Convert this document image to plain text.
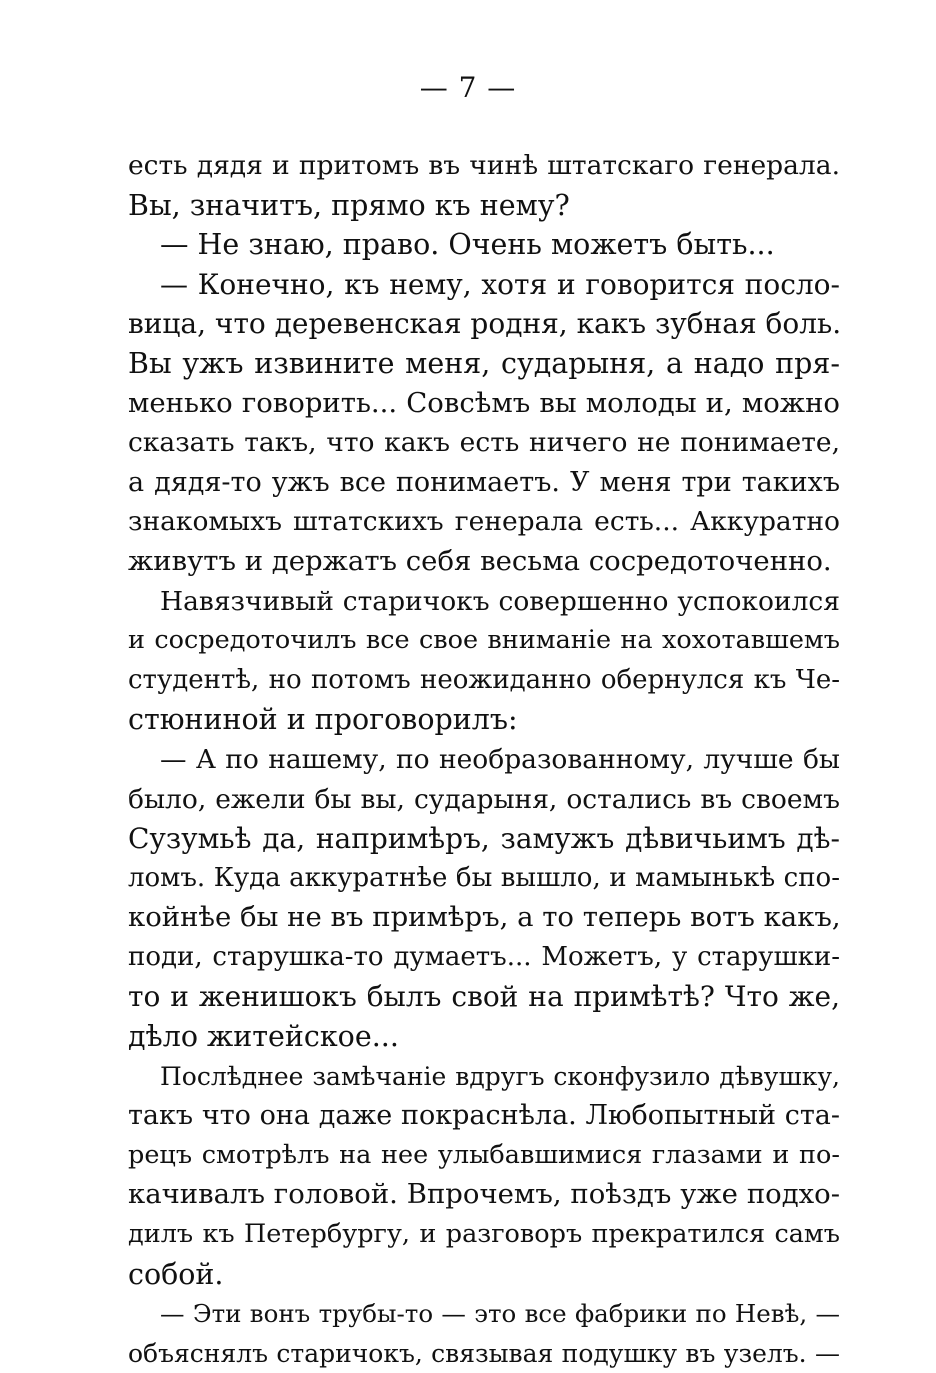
— 7 —
есть дядя и притомъ въ чинѣ штатскаго генерала.
Вы, значитъ, прямо къ нему?
— Не знаю, право. Очень можетъ быть...
— Конечно, къ нему, хотя и говорится посло-
вица, что деревенская родня, какъ зубная боль.
Вы ужъ извините меня, сударыня, а надо пря-
менько говорить... Совсѣмъ вы молоды и, можно
сказать такъ, что какъ есть ничего не понимаете,
а дядя-то ужъ все понимаетъ. У меня три такихъ
знакомыхъ штатскихъ генерала есть... Аккуратно
живутъ и держатъ себя весьма сосредоточенно.
Навязчивый старичокъ совершенно успокоился
и сосредоточилъ все свое вниманіе на хохотавшемъ
студентѣ, но потомъ неожиданно обернулся къ Че-
стюниной и проговорилъ:
— А по нашему, по необразованному, лучше бы
было, ежели бы вы, сударыня, остались въ своемъ
Сузумьѣ да, напримѣръ, замужъ дѣвичьимъ дѣ-
ломъ. Куда аккуратнѣе бы вышло, и мамынькѣ спо-
койнѣе бы не въ примѣръ, а то теперь вотъ какъ,
поди, старушка-то думаетъ... Можетъ, у старушки-
то и женишокъ былъ свой на примѣтѣ? Что же,
дѣло житейское...
Послѣднее замѣчаніе вдругъ сконфузило дѣвушку,
такъ что она даже покраснѣла. Любопытный ста-
рецъ смотрѣлъ на нее улыбавшимися глазами и по-
качивалъ головой. Впрочемъ, поѣздъ уже подхо-
дилъ къ Петербургу, и разговоръ прекратился самъ
собой.
— Эти вонъ трубы-то — это все фабрики по Невѣ, —
объяснялъ старичокъ, связывая подушку въ узелъ. —
